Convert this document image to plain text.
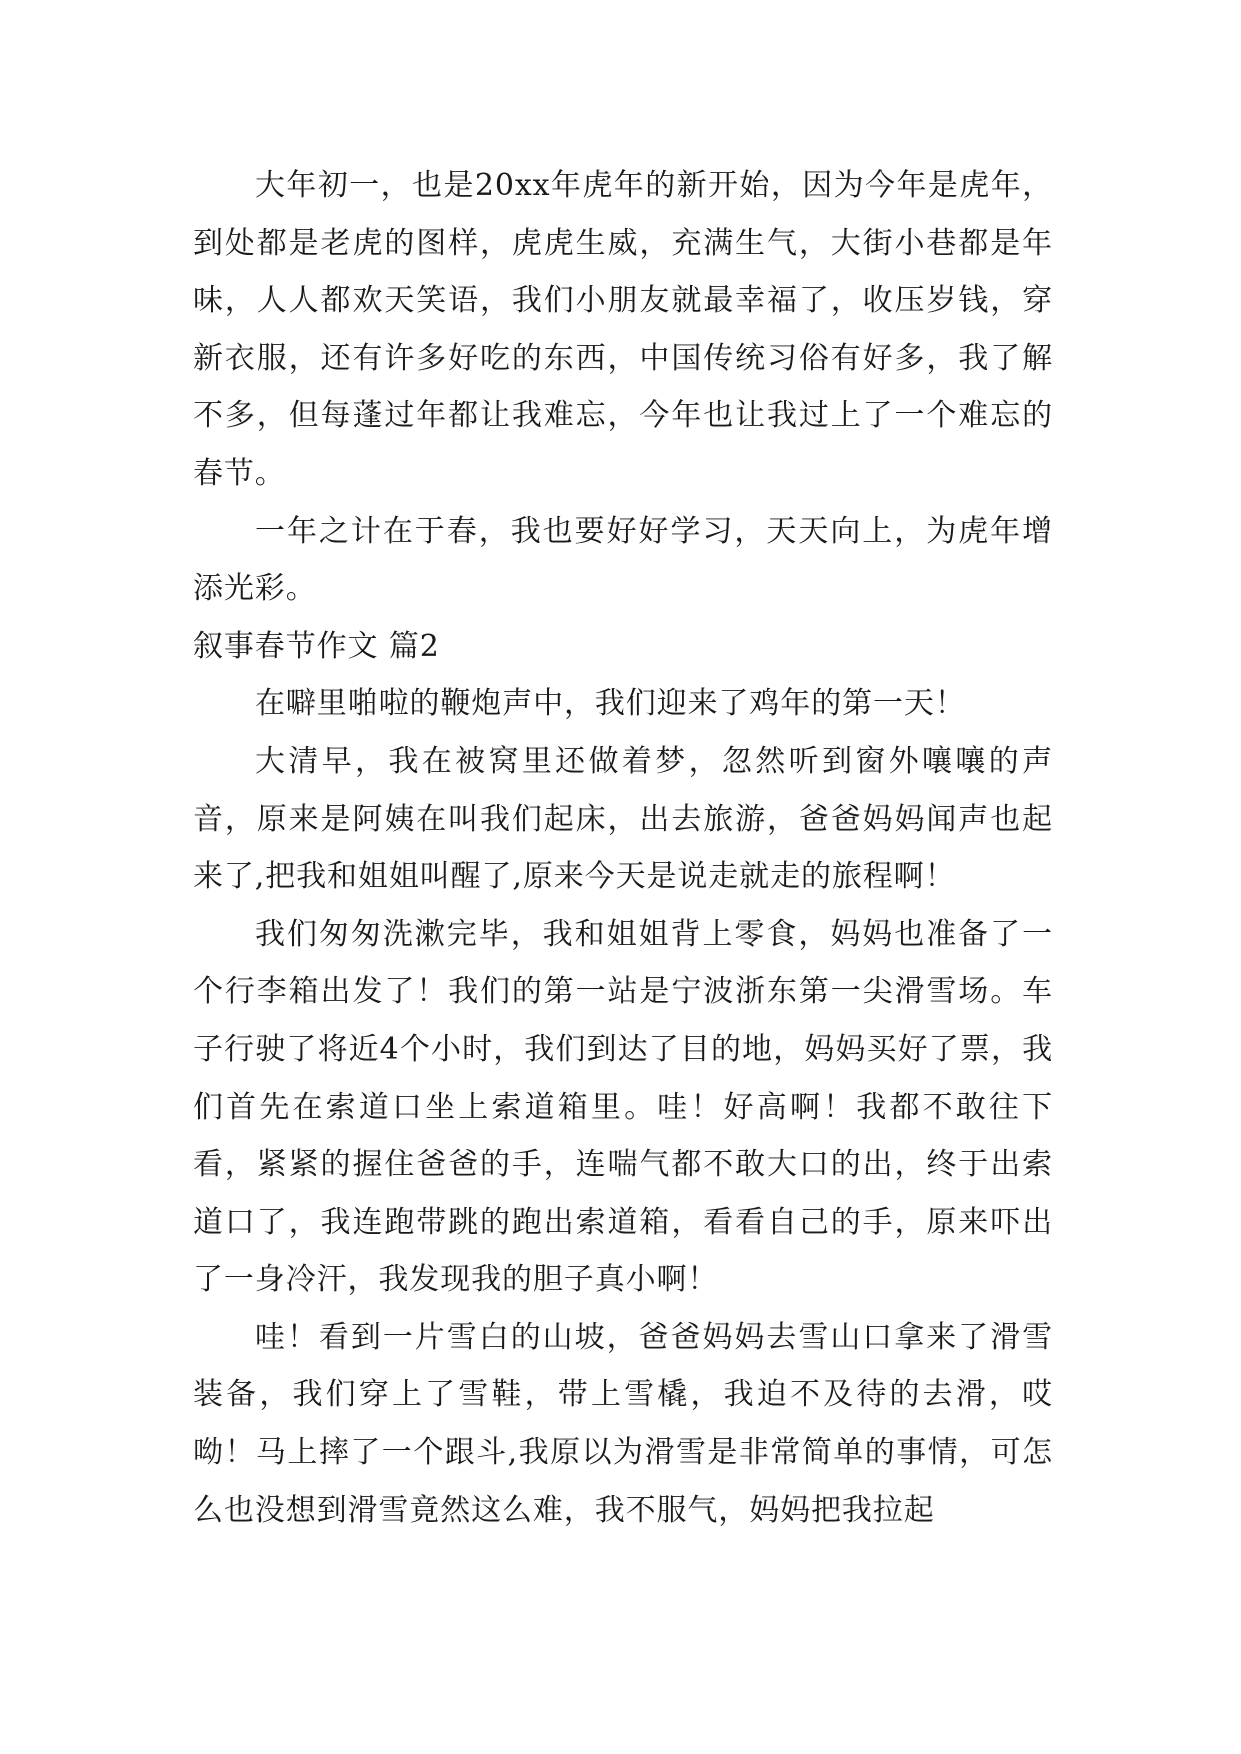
大年初一，也是20xx年虎年的新开始，因为今年是虎年，到处都是老虎的图样，虎虎生威，充满生气，大街小巷都是年味，人人都欢天笑语，我们小朋友就最幸福了，收压岁钱，穿新衣服，还有许多好吃的东西，中国传统习俗有好多，我了解不多，但每蓬过年都让我难忘，今年也让我过上了一个难忘的春节。

一年之计在于春，我也要好好学习，天天向上，为虎年增添光彩。

叙事春节作文 篇2

在噼里啪啦的鞭炮声中，我们迎来了鸡年的第一天！

大清早，我在被窝里还做着梦，忽然听到窗外嚷嚷的声音，原来是阿姨在叫我们起床，出去旅游，爸爸妈妈闻声也起来了,把我和姐姐叫醒了,原来今天是说走就走的旅程啊！

我们匆匆洗漱完毕，我和姐姐背上零食，妈妈也准备了一个行李箱出发了！我们的第一站是宁波浙东第一尖滑雪场。车子行驶了将近4个小时，我们到达了目的地，妈妈买好了票，我们首先在索道口坐上索道箱里。哇！好高啊！我都不敢往下看，紧紧的握住爸爸的手，连喘气都不敢大口的出，终于出索道口了，我连跑带跳的跑出索道箱，看看自己的手，原来吓出了一身冷汗，我发现我的胆子真小啊！

哇！看到一片雪白的山坡，爸爸妈妈去雪山口拿来了滑雪装备，我们穿上了雪鞋，带上雪橇，我迫不及待的去滑，哎呦！马上摔了一个跟斗,我原以为滑雪是非常简单的事情，可怎么也没想到滑雪竟然这么难，我不服气，妈妈把我拉起
